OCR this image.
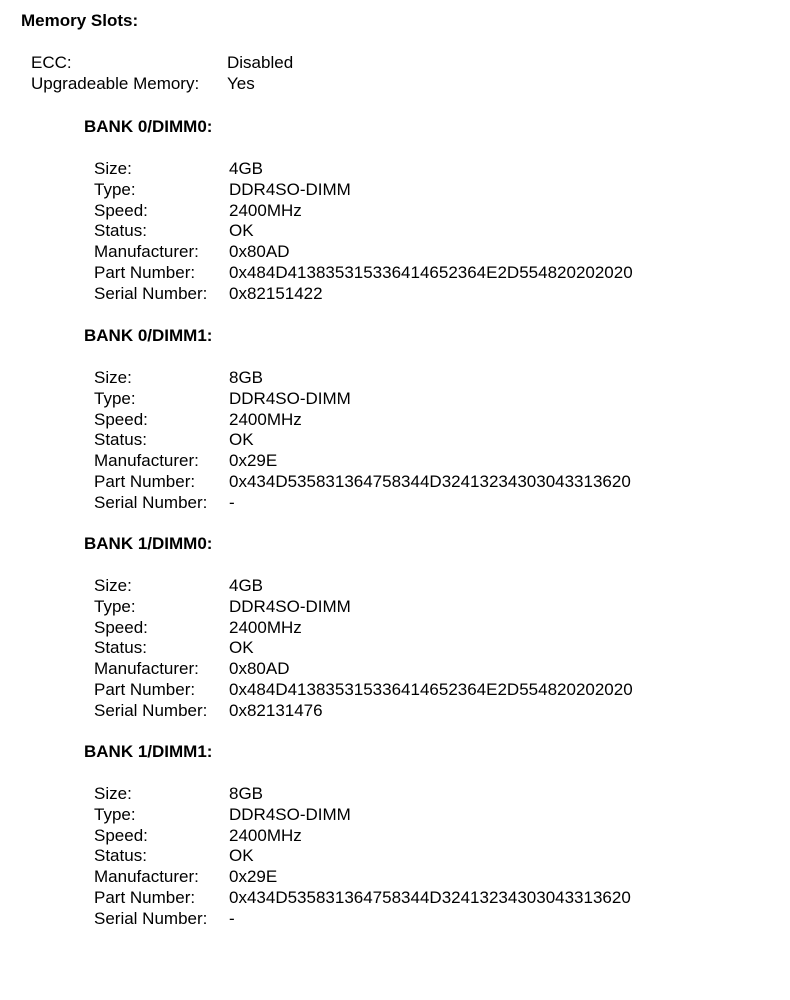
Memory Slots:
ECC:	Disabled
Upgradeable Memory: Yes
BANK 0/DIMM0:
Size:	4GB
Type:	DDR4SO-DIMM
Speed:	2400MHz
Status:	OK
Manufacturer: 0x80AD
Part Number: 0x484D413835315336414652364E2D554820202020
Serial Number: 0x82151422
BANK 0/DIMM1:
Size:	8GB
Type:	DDR4SO-DIMM
Speed:	2400MHz
Status:	OK
Manufacturer: 0x29E
Part Number: 0x434D535831364758344D32413234303043313620
Serial Number: -
BANK 1/DIMM0:
Size:	4GB
Type:	DDR4SO-DIMM
Speed:	2400MHz
Status:	OK
Manufacturer: 0x80AD
Part Number: 0x484D413835315336414652364E2D554820202020
Serial Number: 0x82131476
BANK 1/DIMM1:
Size:	8GB
Type:	DDR4SO-DIMM
Speed:	2400MHz
Status:	OK
Manufacturer: 0x29E
Part Number: 0x434D535831364758344D32413234303043313620
Serial Number: -
